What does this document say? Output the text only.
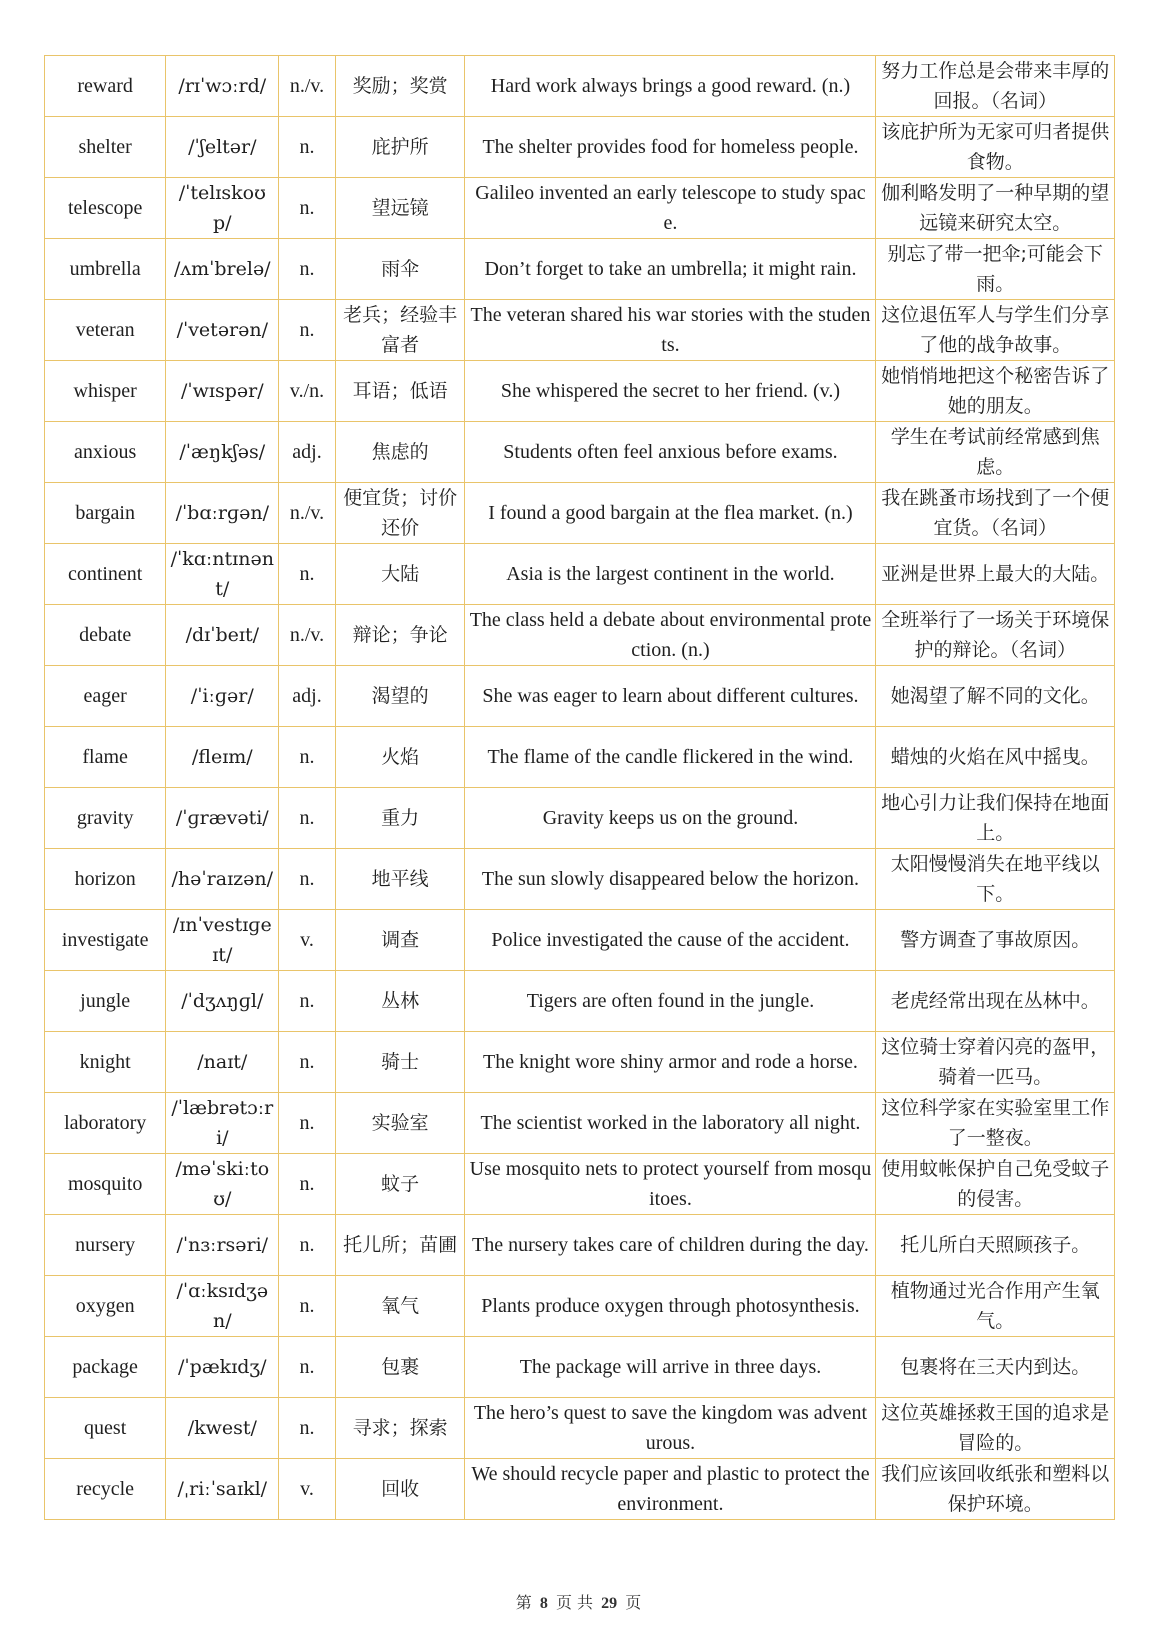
reward	/rɪˈwɔːrd/	n./v.	奖励；奖赏	Hard work always brings a good reward. (n.)	努力工作总是会带来丰厚的回报。（名词）
shelter	/ˈʃeltər/	n.	庇护所	The shelter provides food for homeless people.	该庇护所为无家可归者提供食物。
telescope	/ˈtelɪskoʊp/	n.	望远镜	Galileo invented an early telescope to study space.	伽利略发明了一种早期的望远镜来研究太空。
umbrella	/ʌmˈbrelə/	n.	雨伞	Don’t forget to take an umbrella; it might rain.	别忘了带一把伞;可能会下雨。
veteran	/ˈvetərən/	n.	老兵；经验丰富者	The veteran shared his war stories with the students.	这位退伍军人与学生们分享了他的战争故事。
whisper	/ˈwɪspər/	v./n.	耳语；低语	She whispered the secret to her friend. (v.)	她悄悄地把这个秘密告诉了她的朋友。
anxious	/ˈæŋkʃəs/	adj.	焦虑的	Students often feel anxious before exams.	学生在考试前经常感到焦虑。
bargain	/ˈbɑːrɡən/	n./v.	便宜货；讨价还价	I found a good bargain at the flea market. (n.)	我在跳蚤市场找到了一个便宜货。（名词）
continent	/ˈkɑːntɪnənt/	n.	大陆	Asia is the largest continent in the world.	亚洲是世界上最大的大陆。
debate	/dɪˈbeɪt/	n./v.	辩论；争论	The class held a debate about environmental protection. (n.)	全班举行了一场关于环境保护的辩论。（名词）
eager	/ˈiːɡər/	adj.	渴望的	She was eager to learn about different cultures.	她渴望了解不同的文化。
flame	/fleɪm/	n.	火焰	The flame of the candle flickered in the wind.	蜡烛的火焰在风中摇曳。
gravity	/ˈɡrævəti/	n.	重力	Gravity keeps us on the ground.	地心引力让我们保持在地面上。
horizon	/həˈraɪzən/	n.	地平线	The sun slowly disappeared below the horizon.	太阳慢慢消失在地平线以下。
investigate	/ɪnˈvestɪɡeɪt/	v.	调查	Police investigated the cause of the accident.	警方调查了事故原因。
jungle	/ˈdʒʌŋɡl/	n.	丛林	Tigers are often found in the jungle.	老虎经常出现在丛林中。
knight	/naɪt/	n.	骑士	The knight wore shiny armor and rode a horse.	这位骑士穿着闪亮的盔甲，骑着一匹马。
laboratory	/ˈlæbrətɔːri/	n.	实验室	The scientist worked in the laboratory all night.	这位科学家在实验室里工作了一整夜。
mosquito	/məˈskiːtoʊ/	n.	蚊子	Use mosquito nets to protect yourself from mosquitoes.	使用蚊帐保护自己免受蚊子的侵害。
nursery	/ˈnɜːrsəri/	n.	托儿所；苗圃	The nursery takes care of children during the day.	托儿所白天照顾孩子。
oxygen	/ˈɑːksɪdʒən/	n.	氧气	Plants produce oxygen through photosynthesis.	植物通过光合作用产生氧气。
package	/ˈpækɪdʒ/	n.	包裹	The package will arrive in three days.	包裹将在三天内到达。
quest	/kwest/	n.	寻求；探索	The hero’s quest to save the kingdom was adventurous.	这位英雄拯救王国的追求是冒险的。
recycle	/ˌriːˈsaɪkl/	v.	回收	We should recycle paper and plastic to protect the environment.	我们应该回收纸张和塑料以保护环境。
第 8 页 共 29 页
